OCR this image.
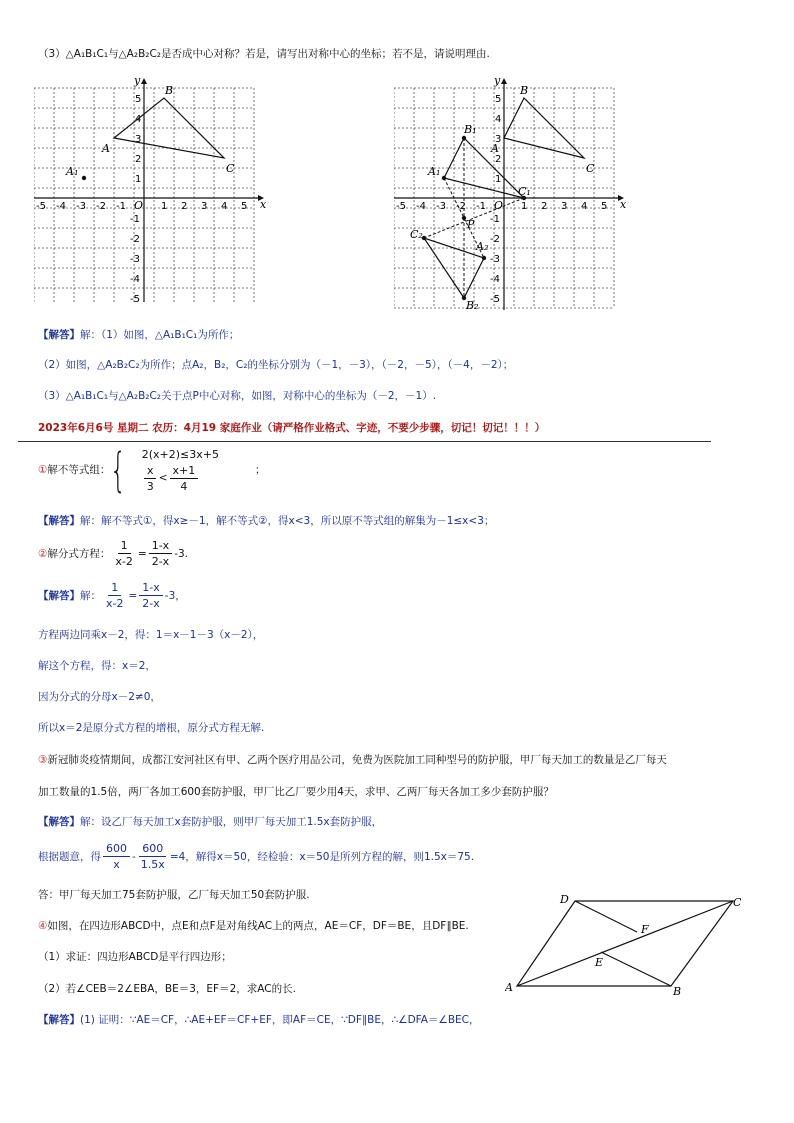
（3）△A₁B₁C₁与△A₂B₂C₂是否成中心对称？若是，请写出对称中心的坐标；若不是，请说明理由.
x
y
O
-5 -4 -3 -2 -1	1 2 3 4 5
5
4
3
2
1
-1
-2
-3
-4
-5
A
B
C
A₁
x
y
O
-5 -4 -3 -2 -1	1 2 3 4 5
5
4
3
2
1
-1
-2
-3
-4
-5
A
B
C
A₁
B₁
C₁
A₂
B₂
C₂
P
【解答】解：（1）如图，△A₁B₁C₁为所作；
（2）如图，△A₂B₂C₂为所作；点A₂，B₂，C₂的坐标分别为（－1，－3），（－2，－5），（－4，－2）；
（3）△A₁B₁C₁与△A₂B₂C₂关于点P中心对称，如图，对称中心的坐标为（－2，－1）.
2023年6月6号 星期二 农历：4月19 家庭作业（请严格作业格式、字迹，不要少步骤，切记！切记！！！）
① 解不等式组： { 2(x+2)≤3x+5
$\frac{x}{3} < \frac{x+1}{4}$	；
【解答】解：解不等式①，得x≥－1，解不等式②，得x<3，所以原不等式组的解集为－1≤x<3；
② 解分式方程： $\frac{1}{x-2} = \frac{1-x}{2-x} -3$.
【解答】 解： $\frac{1}{x-2} = \frac{1-x}{2-x} -3$，
方程两边同乘x－2，得：1＝x－1－3（x－2），
解这个方程，得：x＝2，
因为分式的分母x－2≠0，
所以x＝2是原分式方程的增根，原分式方程无解.
③新冠肺炎疫情期间，成都江安河社区有甲、乙两个医疗用品公司，免费为医院加工同种型号的防护服，甲厂每天加工的数量是乙厂每天
加工数量的1.5倍，两厂各加工600套防护服，甲厂比乙厂要少用4天，求甲、乙两厂每天各加工多少套防护服？
【解答】解：设乙厂每天加工x套防护服，则甲厂每天加工1.5x套防护服，
根据题意，得 $\frac{600}{x} - \frac{600}{1.5x} =4$，解得x＝50，经检验：x＝50是所列方程的解，则1.5x＝75.
答：甲厂每天加工75套防护服，乙厂每天加工50套防护服.
④如图，在四边形ABCD中，点E和点F是对角线AC上的两点，AE＝CF，DF＝BE，且DF∥BE.
（1）求证：四边形ABCD是平行四边形；
（2）若∠CEB＝2∠EBA，BE＝3，EF＝2，求AC的长.
【解答】(1) 证明：∵AE＝CF，∴AE+EF＝CF+EF，即AF＝CE，∵DF∥BE，∴∠DFA＝∠BEC，
D	C
A	B
F
E
